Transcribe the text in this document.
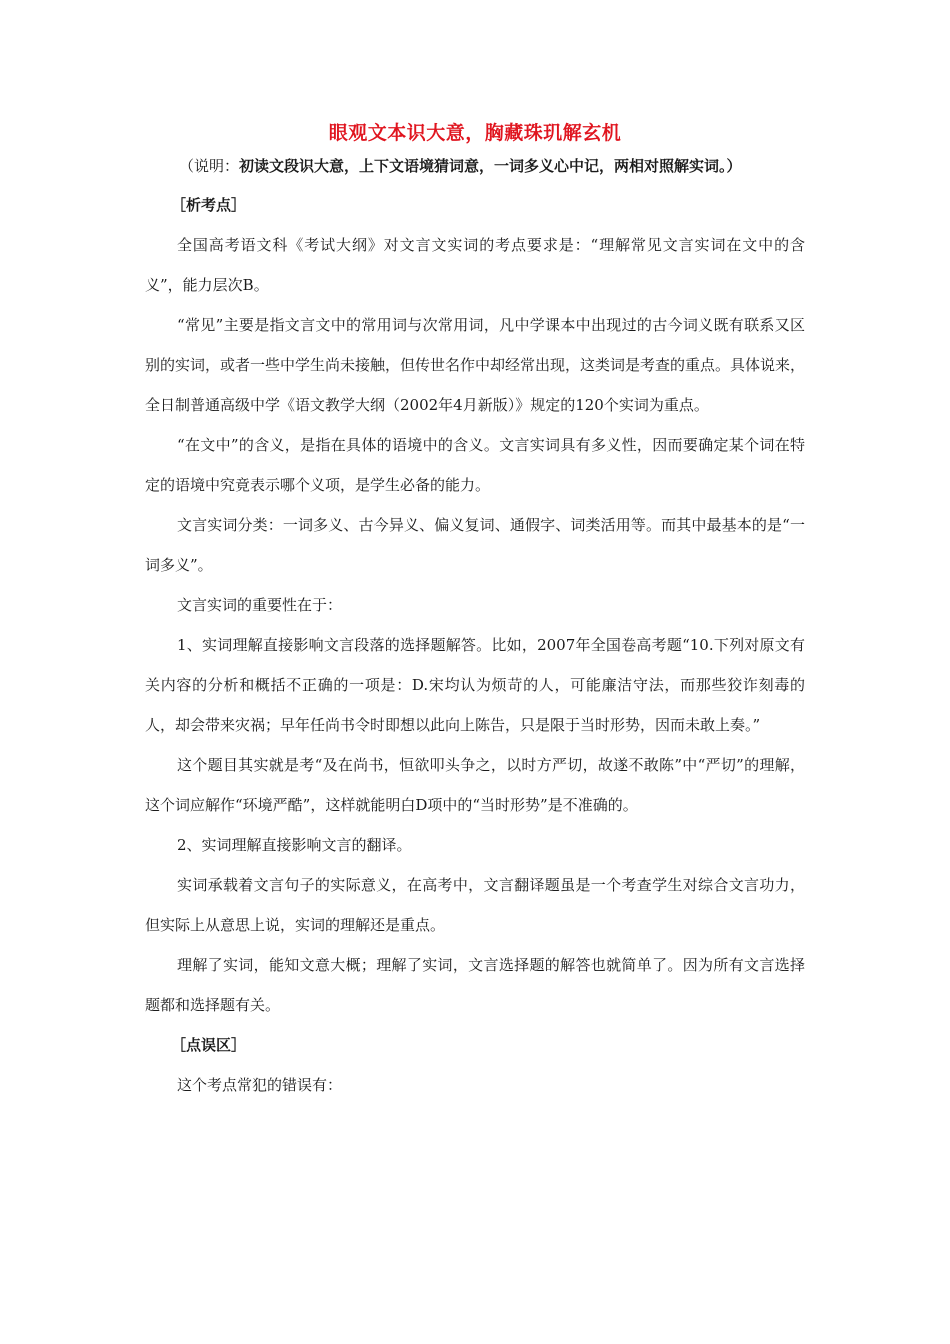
眼观文本识大意，胸藏珠玑解玄机

（说明：初读文段识大意，上下文语境猜词意，一词多义心中记，两相对照解实词。）

［析考点］

全国高考语文科《考试大纲》对文言文实词的考点要求是：“理解常见文言实词在文中的含义”，能力层次B。

“常见”主要是指文言文中的常用词与次常用词，凡中学课本中出现过的古今词义既有联系又区别的实词，或者一些中学生尚未接触，但传世名作中却经常出现，这类词是考查的重点。具体说来，全日制普通高级中学《语文教学大纲（2002年4月新版）》规定的120个实词为重点。

“在文中”的含义，是指在具体的语境中的含义。文言实词具有多义性，因而要确定某个词在特定的语境中究竟表示哪个义项，是学生必备的能力。

文言实词分类：一词多义、古今异义、偏义复词、通假字、词类活用等。而其中最基本的是“一词多义”。

文言实词的重要性在于：

1、实词理解直接影响文言段落的选择题解答。比如，2007年全国卷高考题“10.下列对原文有关内容的分析和概括不正确的一项是：D.宋均认为烦苛的人，可能廉洁守法，而那些狡诈刻毒的人，却会带来灾祸；早年任尚书令时即想以此向上陈告，只是限于当时形势，因而未敢上奏。”

这个题目其实就是考“及在尚书，恒欲叩头争之，以时方严切，故遂不敢陈”中“严切”的理解，这个词应解作“环境严酷”，这样就能明白D项中的“当时形势”是不准确的。

2、实词理解直接影响文言的翻译。

实词承载着文言句子的实际意义，在高考中，文言翻译题虽是一个考查学生对综合文言功力，但实际上从意思上说，实词的理解还是重点。

理解了实词，能知文意大概；理解了实词，文言选择题的解答也就简单了。因为所有文言选择题都和选择题有关。

［点误区］

这个考点常犯的错误有：
